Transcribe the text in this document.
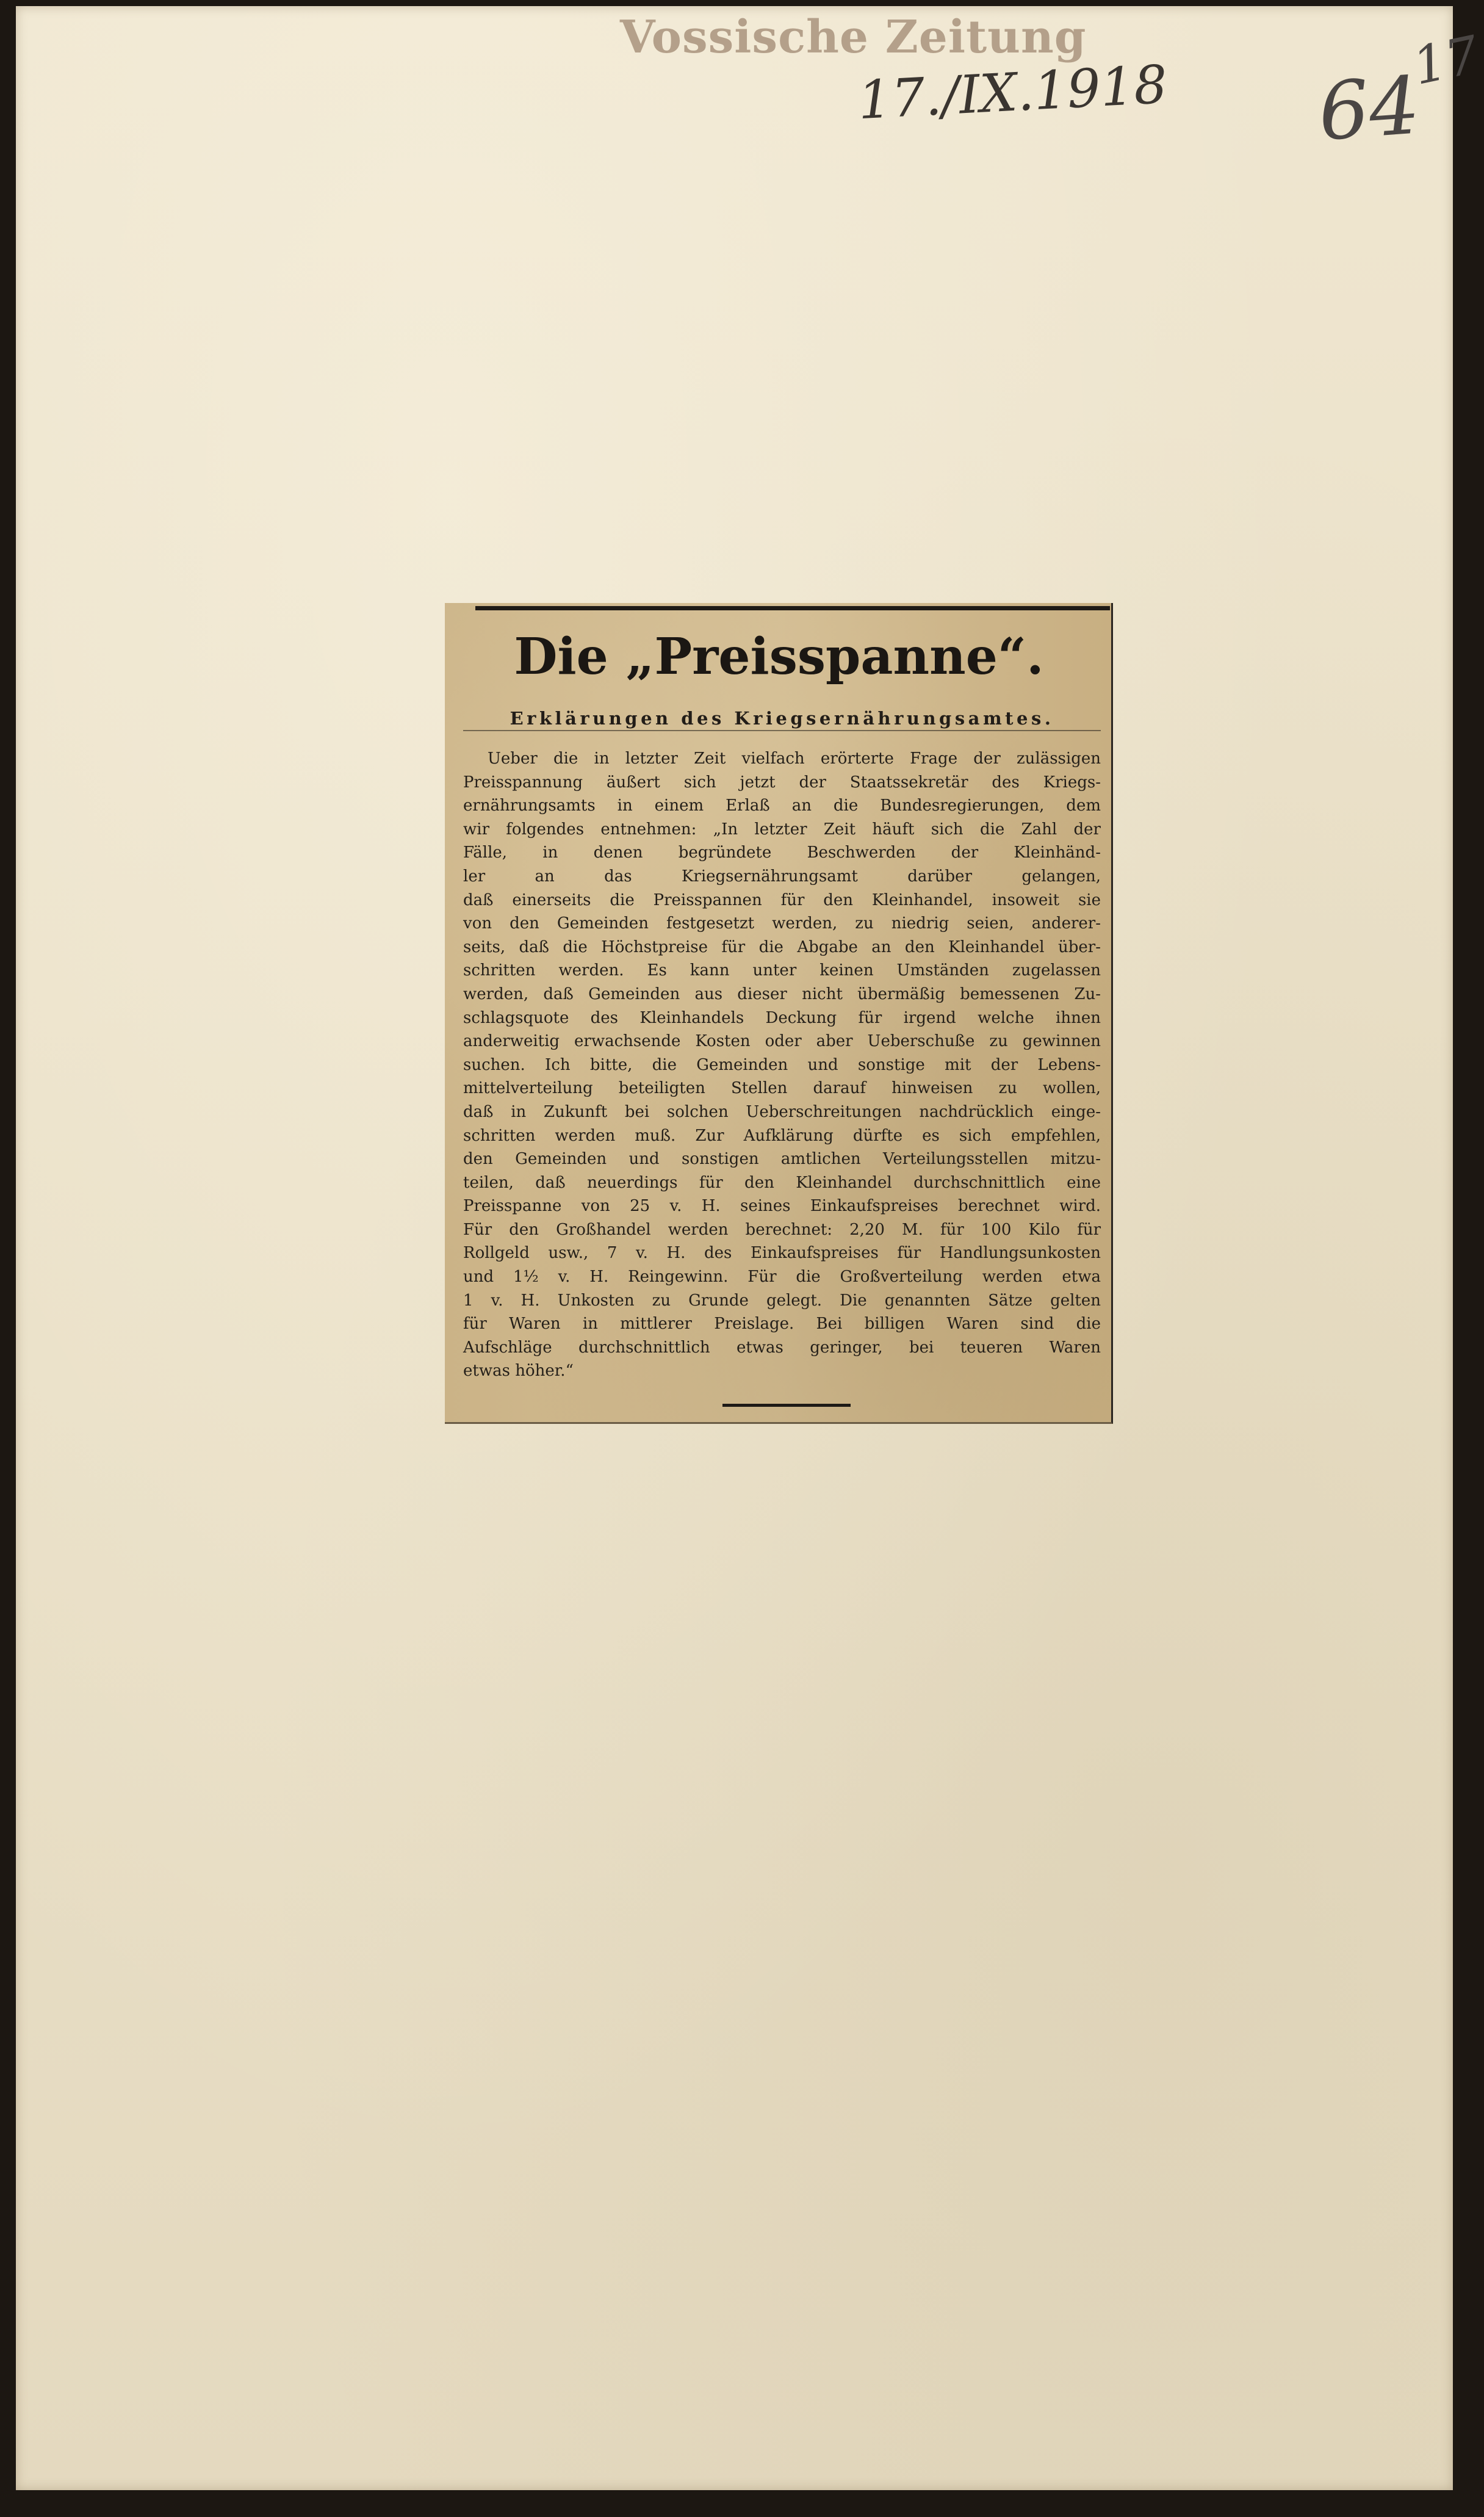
Vossische Zeitung
17./IX.1918 64
17
Die „Preisspanne“.
Erklärungen des Kriegsernährungsamtes.
Ueber die in letzter Zeit vielfach erörterte Frage der zulässigen
Preisspannung äußert sich jetzt der Staatssekretär des Kriegs-
ernährungsamts in einem Erlaß an die Bundesregierungen, dem
wir folgendes entnehmen: „In letzter Zeit häuft sich die Zahl der
Fälle, in denen begründete Beschwerden der Kleinhänd-
ler an das Kriegsernährungsamt darüber gelangen,
daß einerseits die Preisspannen für den Kleinhandel, insoweit sie
von den Gemeinden festgesetzt werden, zu niedrig seien, anderer-
seits, daß die Höchstpreise für die Abgabe an den Kleinhandel über-
schritten werden. Es kann unter keinen Umständen zugelassen
werden, daß Gemeinden aus dieser nicht übermäßig bemessenen Zu-
schlagsquote des Kleinhandels Deckung für irgend welche ihnen
anderweitig erwachsende Kosten oder aber Ueberschuße zu gewinnen
suchen. Ich bitte, die Gemeinden und sonstige mit der Lebens-
mittelverteilung beteiligten Stellen darauf hinweisen zu wollen,
daß in Zukunft bei solchen Ueberschreitungen nachdrücklich einge-
schritten werden muß. Zur Aufklärung dürfte es sich empfehlen,
den Gemeinden und sonstigen amtlichen Verteilungsstellen mitzu-
teilen, daß neuerdings für den Kleinhandel durchschnittlich eine
Preisspanne von 25 v. H. seines Einkaufspreises berechnet wird.
Für den Großhandel werden berechnet: 2,20 M. für 100 Kilo für
Rollgeld usw., 7 v. H. des Einkaufspreises für Handlungsunkosten
und 1½ v. H. Reingewinn. Für die Großverteilung werden etwa
1 v. H. Unkosten zu Grunde gelegt. Die genannten Sätze gelten
für Waren in mittlerer Preislage. Bei billigen Waren sind die
Aufschläge durchschnittlich etwas geringer, bei teueren Waren
etwas höher.“
